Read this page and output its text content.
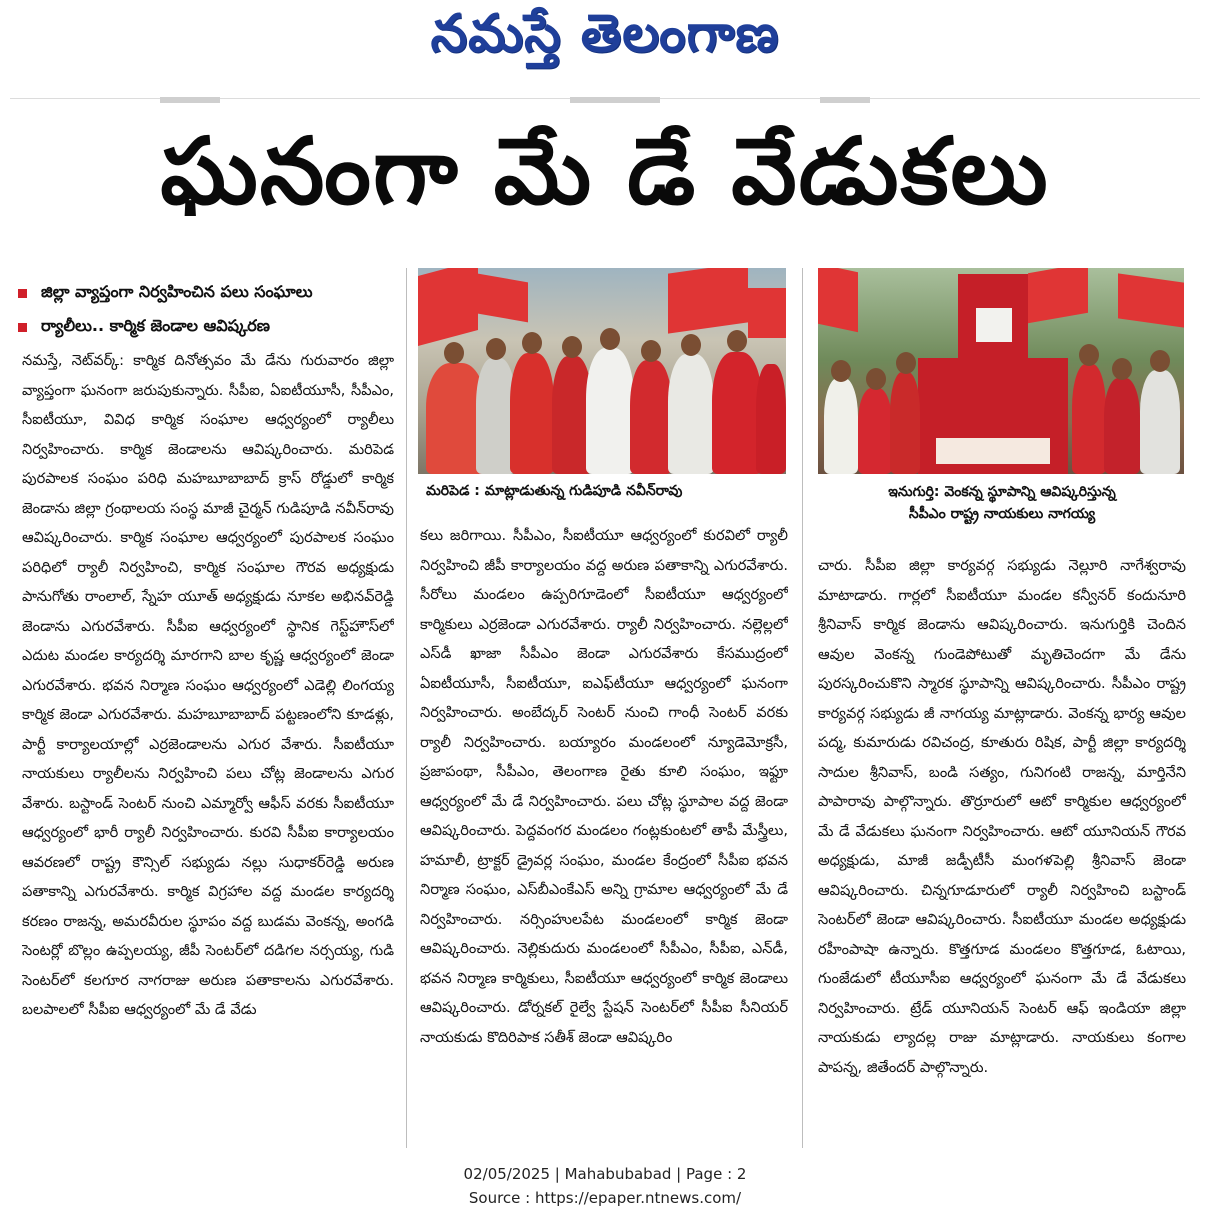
నమస్తే తెలంగాణ
ఘనంగా మే డే వేడుకలు
జిల్లా వ్యాప్తంగా నిర్వహించిన పలు సంఘాలు
ర్యాలీలు.. కార్మిక జెండాల ఆవిష్కరణ

నమస్తే, నెట్‌వర్క్: కార్మిక దినోత్సవం మే డేను గురువారం జిల్లా వ్యాప్తంగా ఘనంగా జరుపుకున్నారు. సీపీఐ, ఏఐటీయూసీ, సీపీఎం, సీఐటీయూ, వివిధ కార్మిక సంఘాల ఆధ్వర్యంలో ర్యాలీలు నిర్వహించారు. కార్మిక జెండాలను ఆవిష్కరించారు. మరిపెడ పురపాలక సంఘం పరిధి మహబూబాబాద్ క్రాస్ రోడ్డులో కార్మిక జెండాను జిల్లా గ్రంథాలయ సంస్థ మాజీ చైర్మన్ గుడిపూడి నవీన్‌రావు ఆవిష్కరించారు. కార్మిక సంఘాల ఆధ్వర్యంలో పురపాలక సంఘం పరిధిలో ర్యాలీ నిర్వహించి, కార్మిక సంఘాల గౌరవ అధ్యక్షుడు పానుగోతు రాంలాల్, స్నేహ యూత్ అధ్యక్షుడు నూకల అభినవ్‌రెడ్డి జెండాను ఎగురవేశారు. సీపీఐ ఆధ్వర్యంలో స్థానిక గెస్ట్‌హౌస్‌లో ఎదుట మండల కార్యదర్శి మారగాని బాల కృష్ణ ఆధ్వర్యంలో జెండా ఎగురవేశారు. భవన నిర్మాణ సంఘం ఆధ్వర్యంలో ఎడెల్లి లింగయ్య కార్మిక జెండా ఎగురవేశారు. మహబూబాబాద్ పట్టణంలోని కూడళ్లు, పార్టీ కార్యాలయాల్లో ఎర్రజెండాలను ఎగుర వేశారు. సీఐటీయూ నాయకులు ర్యాలీలను నిర్వహించి పలు చోట్ల జెండాలను ఎగుర వేశారు. బస్టాండ్ సెంటర్ నుంచి ఎమ్మార్వో ఆఫీస్ వరకు సీఐటీయూ ఆధ్వర్యంలో భారీ ర్యాలీ నిర్వహించారు. కురవి సీపీఐ కార్యాలయం ఆవరణలో రాష్ట్ర కౌన్సిల్ సభ్యుడు నల్లు సుధాకర్‌రెడ్డి అరుణ పతాకాన్ని ఎగురవేశారు. కార్మిక విగ్రహాల వద్ద మండల కార్యదర్శి కరణం రాజన్న, అమరవీరుల స్థూపం వద్ద బుడమ వెంకన్న, అంగడి సెంటర్లో బొల్లం ఉప్పలయ్య, జీపీ సెంటర్‌లో దడిగల నర్సయ్య, గుడి సెంటర్‌లో కలగూర నాగరాజు అరుణ పతాకాలను ఎగురవేశారు. బలపాలలో సీపీఐ ఆధ్వర్యంలో మే డే వేడు

మరిపెడ : మాట్లాడుతున్న గుడిపూడి నవీన్‌రావు

కలు జరిగాయి. సీపీఎం, సీఐటీయూ ఆధ్వర్యంలో కురవిలో ర్యాలీ నిర్వహించి జీపీ కార్యాలయం వద్ద అరుణ పతాకాన్ని ఎగురవేశారు. సీరోలు మండలం ఉప్పరిగూడెంలో సీఐటీయూ ఆధ్వర్యంలో కార్మికులు ఎర్రజెండా ఎగురవేశారు. ర్యాలీ నిర్వహించారు. నల్లెల్లలో ఎస్‌డీ ఖాజా సీపీఎం జెండా ఎగురవేశారు కేసముద్రంలో ఏఐటీయూసీ, సీఐటీయూ, ఐఎఫ్‌టీయూ ఆధ్వర్యంలో ఘనంగా నిర్వహించారు. అంబేద్కర్ సెంటర్ నుంచి గాంధీ సెంటర్ వరకు ర్యాలీ నిర్వహించారు. బయ్యారం మండలంలో న్యూడెమోక్రసీ, ప్రజాపంథా, సీపీఎం, తెలంగాణ రైతు కూలి సంఘం, ఇఫ్టూ ఆధ్వర్యంలో మే డే నిర్వహించారు. పలు చోట్ల స్థూపాల వద్ద జెండా ఆవిష్కరించారు. పెద్దవంగర మండలం గంట్లకుంటలో తాపీ మేస్త్రీలు, హమాలీ, ట్రాక్టర్ డ్రైవర్ల సంఘం, మండల కేంద్రంలో సీపీఐ భవన నిర్మాణ సంఘం, ఎస్‌బీఎంకేఎస్ అన్ని గ్రామాల ఆధ్వర్యంలో మే డే నిర్వహించారు. నర్సింహులపేట మండలంలో కార్మిక జెండా ఆవిష్కరించారు. నెల్లికుదురు మండలంలో సీపీఎం, సీపీఐ, ఎన్‌డీ, భవన నిర్మాణ కార్మికులు, సీఐటీయూ ఆధ్వర్యంలో కార్మిక జెండాలు ఆవిష్కరించారు. డోర్నకల్ రైల్వే స్టేషన్ సెంటర్‌లో సీపీఐ సీనియర్ నాయకుడు కొదిరిపాక సతీశ్ జెండా ఆవిష్కరిం

ఇనుగుర్తి: వెంకన్న స్థూపాన్ని ఆవిష్కరిస్తున్న
సీపీఎం రాష్ట్ర నాయకులు నాగయ్య

చారు. సీపీఐ జిల్లా కార్యవర్గ సభ్యుడు నెల్లూరి నాగేశ్వరావు మాటాడారు. గార్లలో సీఐటీయూ మండల కన్వీనర్ కందునూరి శ్రీనివాస్ కార్మిక జెండాను ఆవిష్కరించారు. ఇనుగుర్తికి చెందిన ఆవుల వెంకన్న గుండెపోటుతో మృతిచెందగా మే డేను పురస్కరించుకొని స్మారక స్థూపాన్ని ఆవిష్కరించారు. సీపీఎం రాష్ట్ర కార్యవర్గ సభ్యుడు జీ నాగయ్య మాట్లాడారు. వెంకన్న భార్య ఆవుల పద్మ, కుమారుడు రవిచంద్ర, కూతురు రిషిక, పార్టీ జిల్లా కార్యదర్శి సాదుల శ్రీనివాస్, బండి సత్యం, గునిగంటి రాజన్న, మార్తినేని పాపారావు పాల్గొన్నారు. తొర్రూరులో ఆటో కార్మికుల ఆధ్వర్యంలో మే డే వేడుకలు ఘనంగా నిర్వహించారు. ఆటో యూనియన్ గౌరవ అధ్యక్షుడు, మాజీ జడ్పీటీసీ మంగళపెల్లి శ్రీనివాస్ జెండా ఆవిష్కరించారు. చిన్నగూడూరులో ర్యాలీ నిర్వహించి బస్టాండ్ సెంటర్‌లో జెండా ఆవిష్కరించారు. సీఐటీయూ మండల అధ్యక్షుడు రహీంపాషా ఉన్నారు. కొత్తగూడ మండలం కొత్తగూడ, ఓటాయి, గుంజేడులో టీయూసీఐ ఆధ్వర్యంలో ఘనంగా మే డే వేడుకలు నిర్వహించారు. ట్రేడ్ యూనియన్ సెంటర్ ఆఫ్ ఇండియా జిల్లా నాయకుడు ల్యాదల్ల రాజు మాట్లాడారు. నాయకులు కంగాల పాపన్న, జితేందర్ పాల్గొన్నారు.

02/05/2025 | Mahabubabad | Page : 2
Source : https://epaper.ntnews.com/
